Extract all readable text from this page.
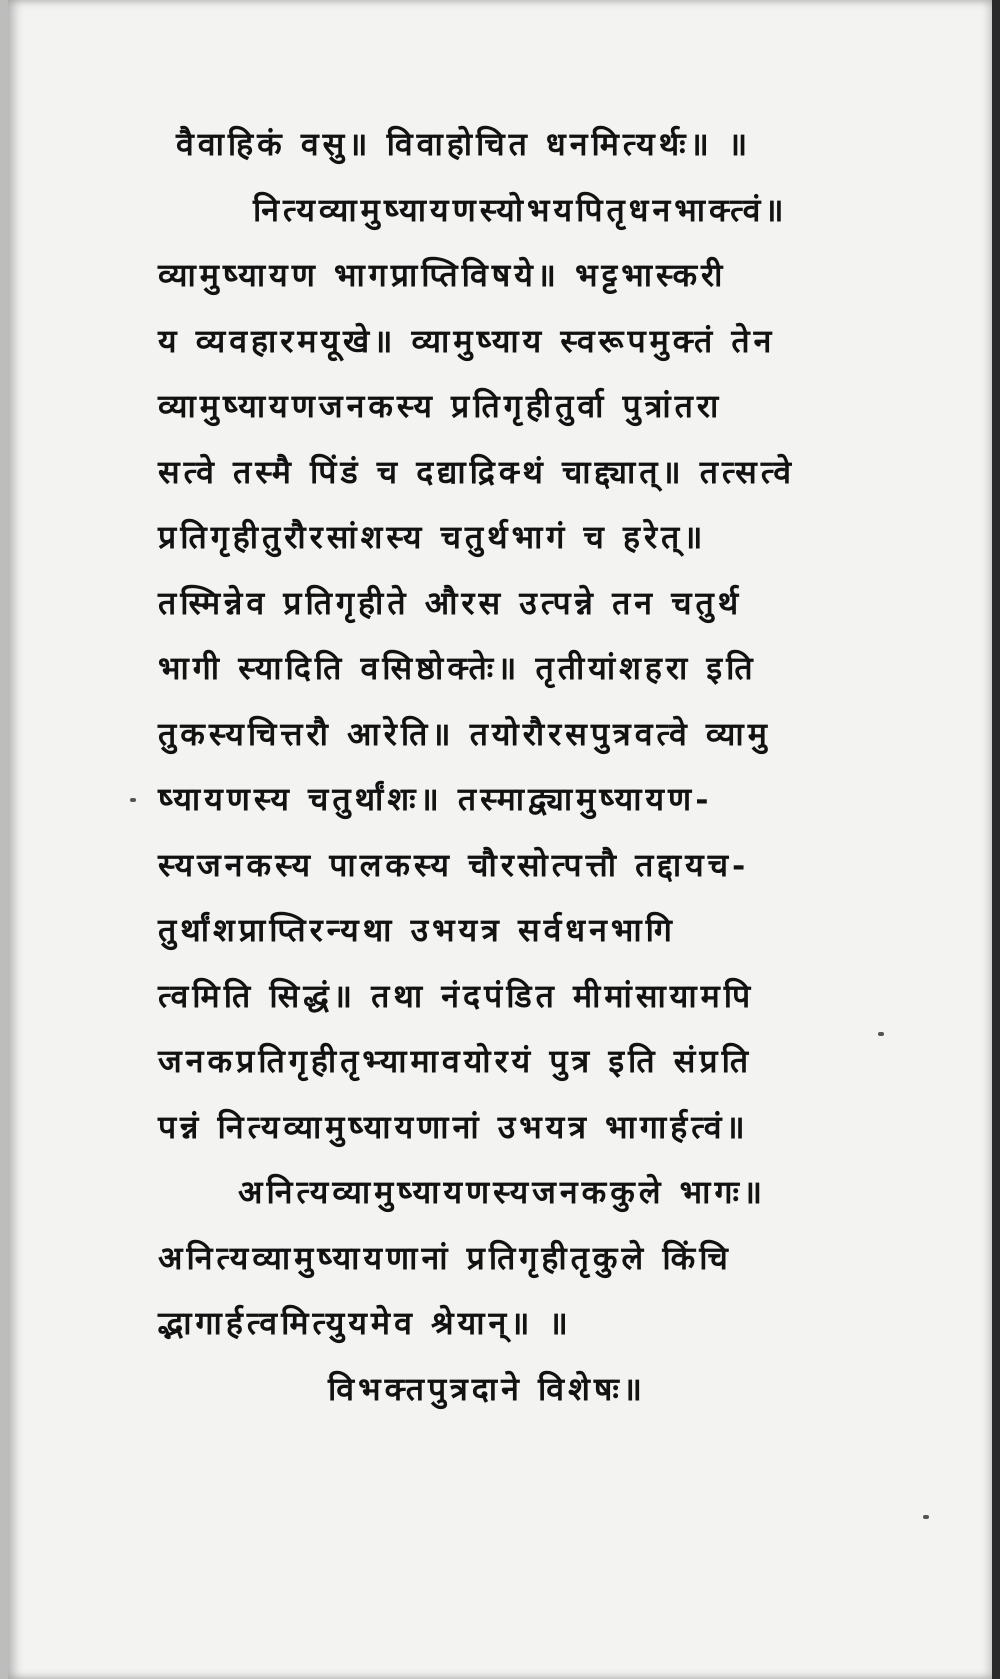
वैवाहिकं वसु॥ विवाहोचित धनमित्यर्थः॥ ॥
नित्यव्यामुष्यायणस्योभयपितृधनभाक्त्वं॥
व्यामुष्यायण भागप्राप्तिविषये॥ भट्टभास्करी
य व्यवहारमयूखे॥ व्यामुष्याय स्वरूपमुक्तं तेन
व्यामुष्यायणजनकस्य प्रतिगृहीतुर्वा पुत्रांतरा
सत्वे तस्मै पिंडं च दद्याद्रिक्थं चाद्द्यात्॥ तत्सत्वे
प्रतिगृहीतुरौरसांशस्य चतुर्थभागं च हरेत्॥
तस्मिन्नेव प्रतिगृहीते औरस उत्पन्ने तन चतुर्थ
भागी स्यादिति वसिष्ठोक्तेः॥ तृतीयांशहरा इति
तुकस्यचित्तरौ आरेति॥ तयोरौरसपुत्रवत्वे व्यामु
ष्यायणस्य चतुर्थांशः॥ तस्माद्व्यामुष्यायण-
स्यजनकस्य पालकस्य चौरसोत्पत्तौ तद्दायच-
तुर्थांशप्राप्तिरन्यथा उभयत्र सर्वधनभागि
त्वमिति सिद्धं॥ तथा नंदपंडित मीमांसायामपि
जनकप्रतिगृहीतृभ्यामावयोरयं पुत्र इति संप्रति
पन्नं नित्यव्यामुष्यायणानां उभयत्र भागार्हत्वं॥
अनित्यव्यामुष्यायणस्यजनककुले भागः॥
अनित्यव्यामुष्यायणानां प्रतिगृहीतृकुले किंचि
द्भागार्हत्वमित्युयमेव श्रेयान्॥ ॥
विभक्तपुत्रदाने विशेषः॥
